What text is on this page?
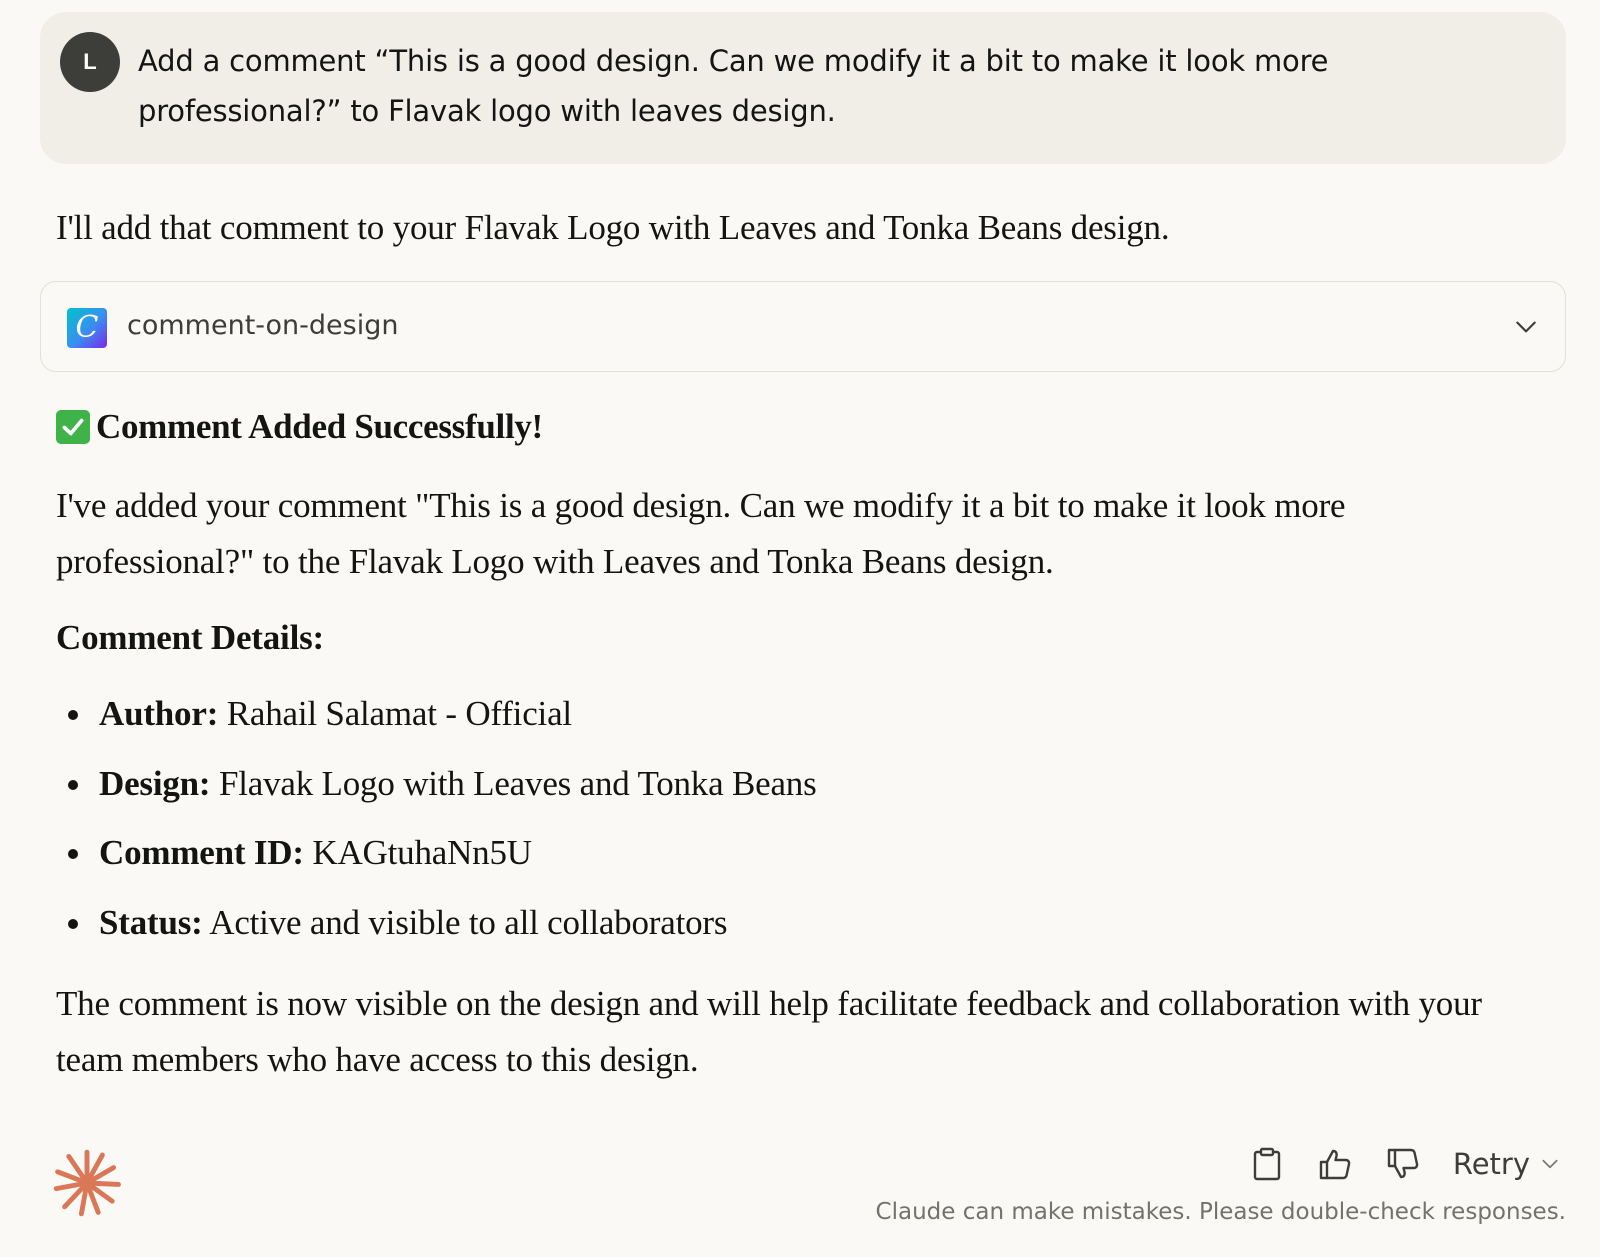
L Add a comment “This is a good design. Can we modify it a bit to make it look more professional?” to Flavak logo with leaves design.
I'll add that comment to your Flavak Logo with Leaves and Tonka Beans design.
C comment-on-design
Comment Added Successfully!
I've added your comment "This is a good design. Can we modify it a bit to make it look more professional?" to the Flavak Logo with Leaves and Tonka Beans design.
Comment Details:
Author: Rahail Salamat - Official
Design: Flavak Logo with Leaves and Tonka Beans
Comment ID: KAGtuhaNn5U
Status: Active and visible to all collaborators
The comment is now visible on the design and will help facilitate feedback and collaboration with your team members who have access to this design.
Retry
Claude can make mistakes. Please double-check responses.
